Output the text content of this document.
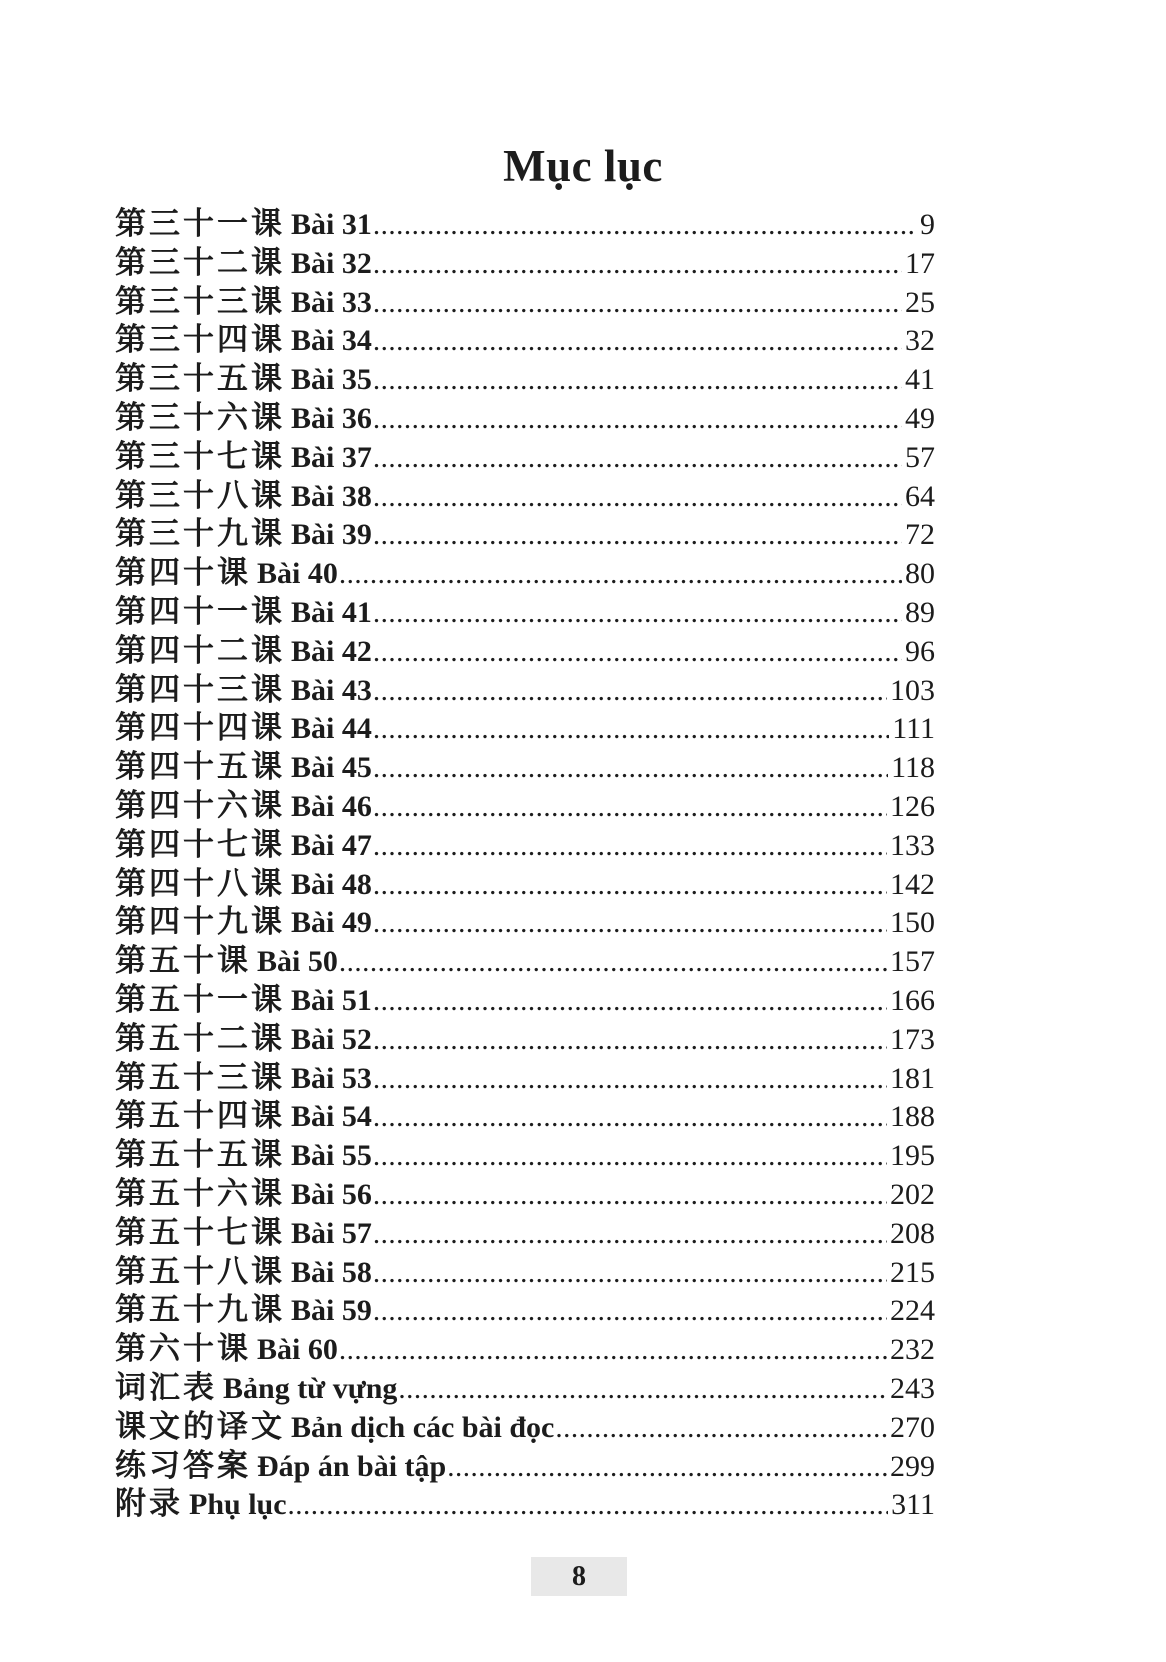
Mục lục
第三十一课 Bài 31 .....	9
第三十二课 Bài 32 .....	17
第三十三课 Bài 33 .....	25
第三十四课 Bài 34 .....	32
第三十五课 Bài 35 .....	41
第三十六课 Bài 36 .....	49
第三十七课 Bài 37 .....	57
第三十八课 Bài 38 .....	64
第三十九课 Bài 39 .....	72
第四十课 Bài 40 .....	80
第四十一课 Bài 41 .....	89
第四十二课 Bài 42 .....	96
第四十三课 Bài 43 .....	103
第四十四课 Bài 44 .....	111
第四十五课 Bài 45 .....	118
第四十六课 Bài 46 .....	126
第四十七课 Bài 47 .....	133
第四十八课 Bài 48 .....	142
第四十九课 Bài 49 .....	150
第五十课 Bài 50 .....	157
第五十一课 Bài 51 .....	166
第五十二课 Bài 52 .....	173
第五十三课 Bài 53 .....	181
第五十四课 Bài 54 .....	188
第五十五课 Bài 55 .....	195
第五十六课 Bài 56 .....	202
第五十七课 Bài 57 .....	208
第五十八课 Bài 58 .....	215
第五十九课 Bài 59 .....	224
第六十课 Bài 60 .....	232
词汇表 Bảng từ vựng .....	243
课文的译文 Bản dịch các bài đọc .....	270
练习答案 Đáp án bài tập .....	299
附录 Phụ lục .....	311
8
